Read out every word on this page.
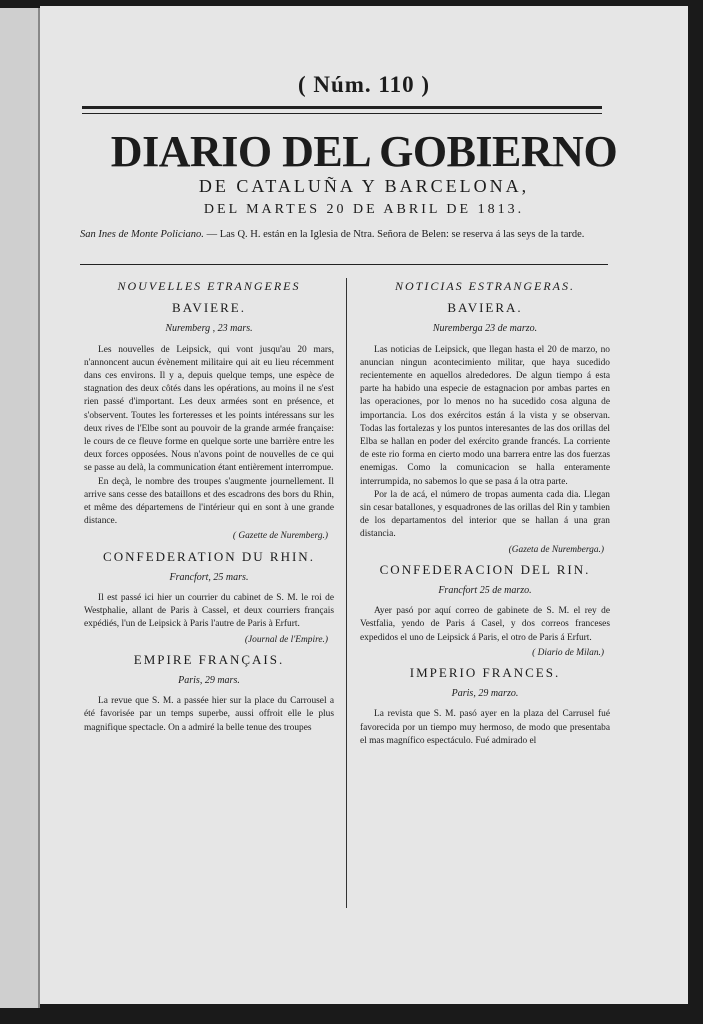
( Núm. 110 )
DIARIO DEL GOBIERNO
DE CATALUÑA Y BARCELONA,
DEL MARTES 20 DE ABRIL DE 1813.
San Ines de Monte Policiano. — Las Q. H. están en la Iglesia de Ntra. Señora de Belen: se reserva á las seys de la tarde.
NOUVELLES ETRANGERES
BAVIERE.
Nuremberg , 23 mars.

Les nouvelles de Leipsick, qui vont jusqu'au 20 mars, n'annoncent aucun évènement militaire qui ait eu lieu récemment dans ces environs. Il y a, depuis quelque temps, une espèce de stagnation des deux côtés dans les opérations, au moins il ne s'est rien passé d'important. Les deux armées sont en présence, et s'observent. Toutes les forteresses et les points intéressans sur les deux rives de l'Elbe sont au pouvoir de la grande armée française: le cours de ce fleuve forme en quelque sorte une barrière entre les deux forces opposées. Nous n'avons point de nouvelles de ce qui se passe au delà, la communication étant entièrement interrompue.

En deçà, le nombre des troupes s'augmente journellement. Il arrive sans cesse des bataillons et des escadrons des bors du Rhin, et même des départemens de l'intérieur qui en sont à une grande distance.

( Gazette de Nuremberg.)
CONFEDERATION DU RHIN.
Francfort, 25 mars.

Il est passé ici hier un courrier du cabinet de S. M. le roi de Westphalie, allant de Paris à Cassel, et deux courriers français expédiés, l'un de Leipsick à Paris l'autre de Paris à Erfurt.

(Journal de l'Empire.)
EMPIRE FRANÇAIS.
Paris, 29 mars.

La revue que S. M. a passée hier sur la place du Carrousel a été favorisée par un temps superbe, aussi offroit elle le plus magnifique spectacle. On a admiré la belle tenue des troupes

NOTICIAS ESTRANGERAS.
BAVIERA.
Nuremberga 23 de marzo.

Las noticias de Leipsick, que llegan hasta el 20 de marzo, no anuncian ningun acontecimiento militar, que haya sucedido recientemente en aquellos alrededores. De algun tiempo á esta parte ha habido una especie de estagnacion por ambas partes en las operaciones, por lo menos no ha sucedido cosa alguna de importancia. Los dos exércitos están á la vista y se observan. Todas las fortalezas y los puntos interesantes de las dos orillas del Elba se hallan en poder del exército grande francés. La corriente de este rio forma en cierto modo una barrera entre las dos fuerzas enemigas. Como la comunicacion se halla enteramente interrumpida, no sabemos lo que se pasa á la otra parte.

Por la de acá, el número de tropas aumenta cada dia. Llegan sin cesar batallones, y esquadrones de las orillas del Rin y tambien de los departamentos del interior que se hallan á una gran distancia.

(Gazeta de Nuremberga.)
CONFEDERACION DEL RIN.
Francfort 25 de marzo.

Ayer pasó por aquí correo de gabinete de S. M. el rey de Vestfalia, yendo de Paris á Casel, y dos correos franceses expedidos el uno de Leipsick á Paris, el otro de Paris á Erfurt.

( Diario de Milan.)
IMPERIO FRANCES.
Paris, 29 marzo.

La revista que S. M. pasó ayer en la plaza del Carrusel fué favorecida por un tiempo muy hermoso, de modo que presentaba el mas magnífico espectáculo. Fué admirado el
